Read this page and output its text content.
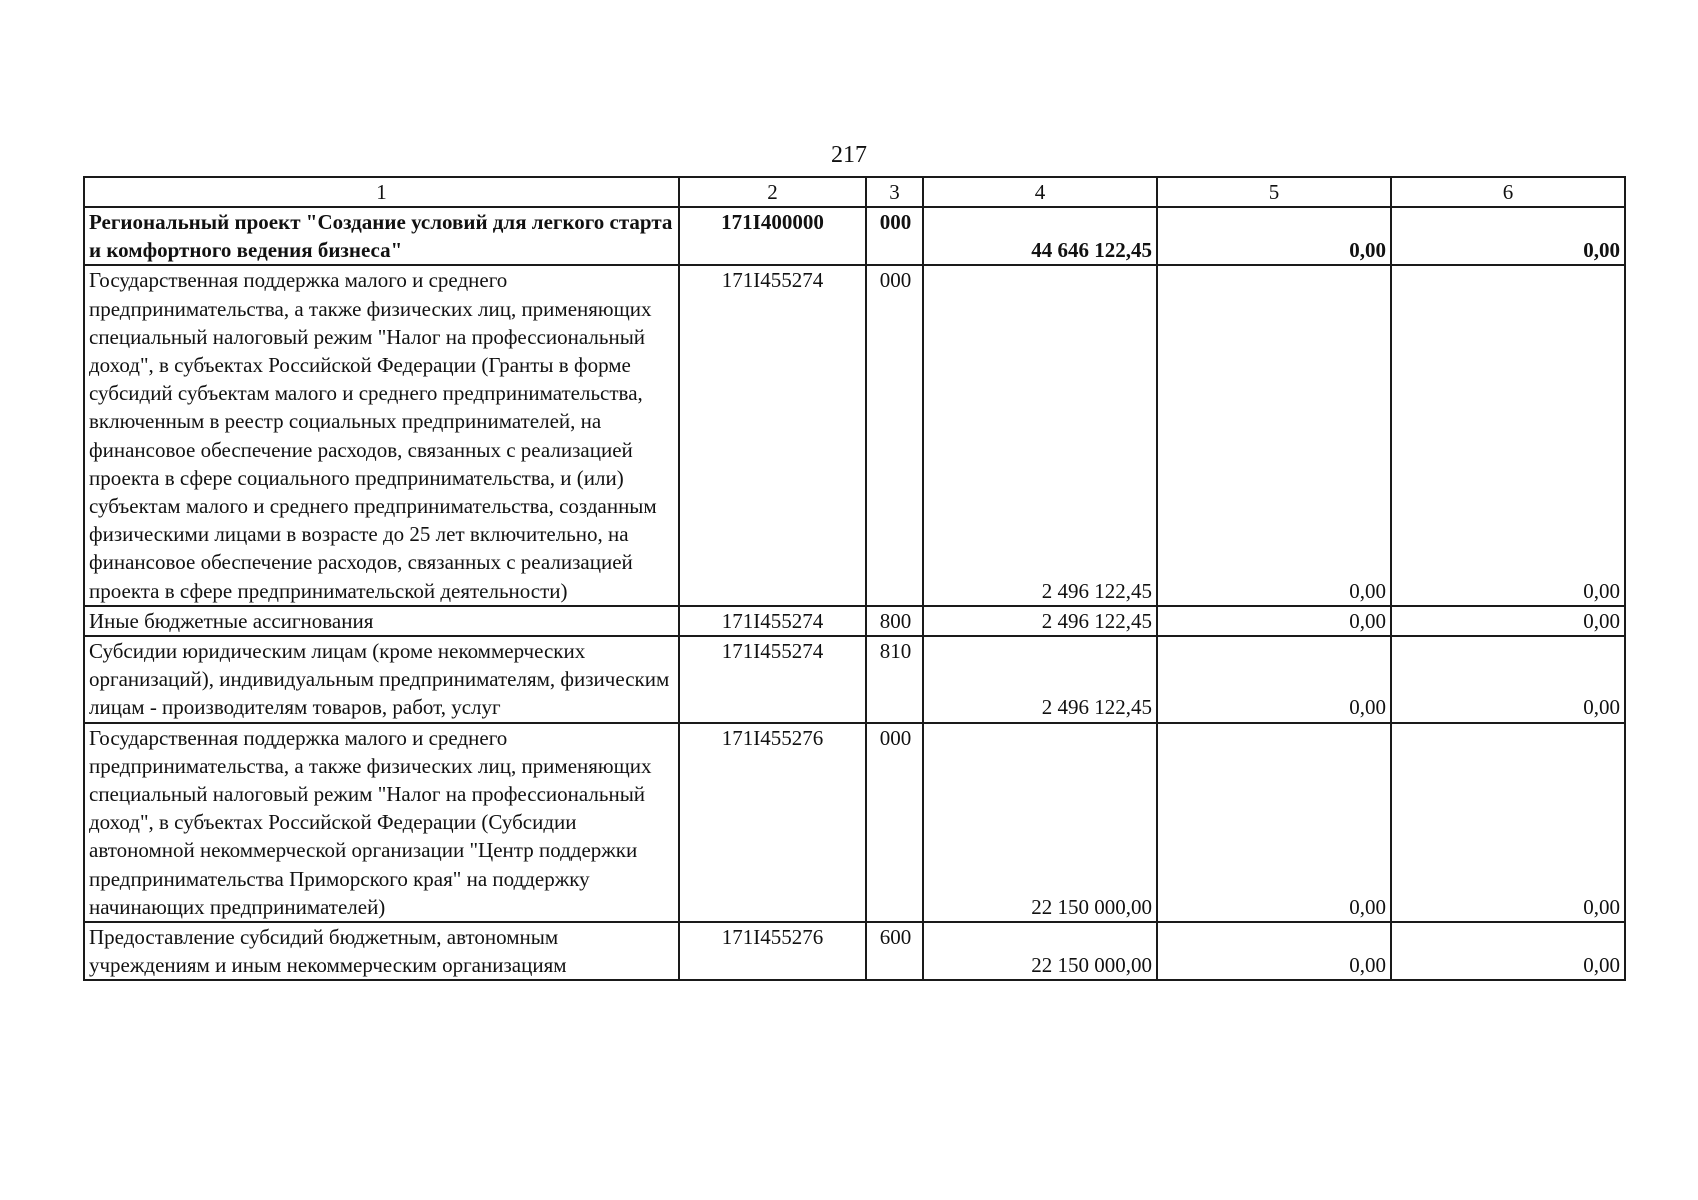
217
1	2	3	4	5	6
Региональный проект "Создание условий для легкого старта и комфортного ведения бизнеса"	171I400000	000	44 646 122,45	0,00	0,00
Государственная поддержка малого и среднего предпринимательства, а также физических лиц, применяющих специальный налоговый режим "Налог на профессиональный доход", в субъектах Российской Федерации (Гранты в форме субсидий субъектам малого и среднего предпринимательства, включенным в реестр социальных предпринимателей, на финансовое обеспечение расходов, связанных с реализацией проекта в сфере социального предпринимательства, и (или) субъектам малого и среднего предпринимательства, созданным физическими лицами в возрасте до 25 лет включительно, на финансовое обеспечение расходов, связанных с реализацией проекта в сфере предпринимательской деятельности)	171I455274	000	2 496 122,45	0,00	0,00
Иные бюджетные ассигнования	171I455274	800	2 496 122,45	0,00	0,00
Субсидии юридическим лицам (кроме некоммерческих организаций), индивидуальным предпринимателям, физическим лицам - производителям товаров, работ, услуг	171I455274	810	2 496 122,45	0,00	0,00
Государственная поддержка малого и среднего предпринимательства, а также физических лиц, применяющих специальный налоговый режим "Налог на профессиональный доход", в субъектах Российской Федерации (Субсидии автономной некоммерческой организации "Центр поддержки предпринимательства Приморского края" на поддержку начинающих предпринимателей)	171I455276	000	22 150 000,00	0,00	0,00
Предоставление субсидий бюджетным, автономным учреждениям и иным некоммерческим организациям	171I455276	600	22 150 000,00	0,00	0,00
